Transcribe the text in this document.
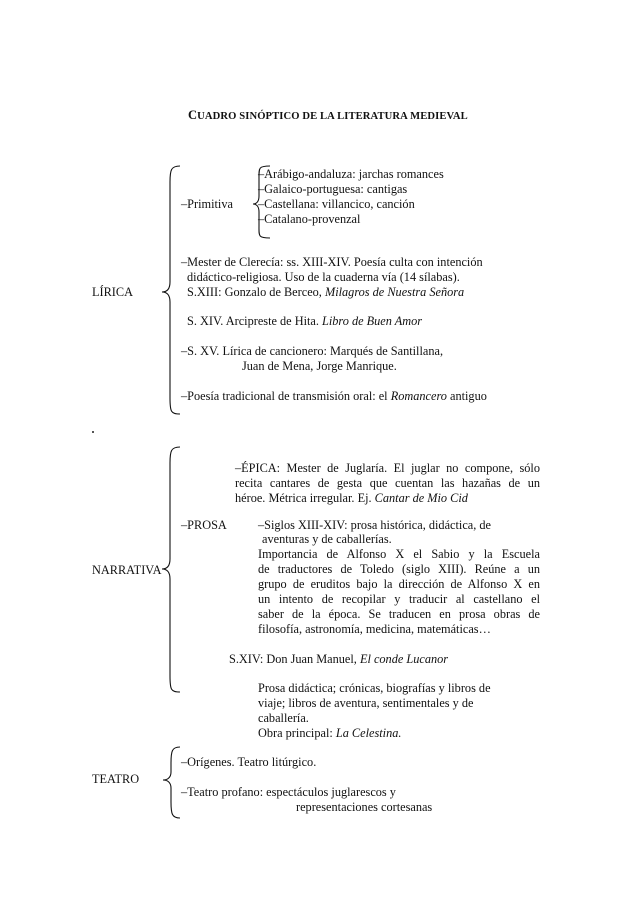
CUADRO SINÓPTICO DE LA LITERATURA MEDIEVAL

LÍRICA

–Primitiva

–Arábigo-andaluza: jarchas romances

–Galaico-portuguesa: cantigas

–Castellana: villancico, canción

–Catalano-provenzal

–Mester de Clerecía: ss. XIII-XIV. Poesía culta con intención

didáctico-religiosa. Uso de la cuaderna vía (14 sílabas).

S.XIII: Gonzalo de Berceo, Milagros de Nuestra Señora

S. XIV. Arcipreste de Hita. Libro de Buen Amor

–S. XV. Lírica de cancionero: Marqués de Santillana,

Juan de Mena, Jorge Manrique.

–Poesía tradicional de transmisión oral: el Romancero antiguo

NARRATIVA

–ÉPICA: Mester de Juglaría. El juglar no compone, sólo

recita cantares de gesta que cuentan las hazañas de un

héroe. Métrica irregular. Ej. Cantar de Mio Cid

–PROSA	–Siglos XIII-XIV: prosa histórica, didáctica, de

aventuras y de caballerías.

Importancia de Alfonso X el Sabio y la Escuela

de traductores de Toledo (siglo XIII). Reúne a un

grupo de eruditos bajo la dirección de Alfonso X en

un intento de recopilar y traducir al castellano el

saber de la época. Se traducen en prosa obras de

filosofía, astronomía, medicina, matemáticas…

S.XIV: Don Juan Manuel, El conde Lucanor

Prosa didáctica; crónicas, biografías y libros de

viaje; libros de aventura, sentimentales y de

caballería.

Obra principal: La Celestina.

TEATRO

–Orígenes. Teatro litúrgico.

–Teatro profano: espectáculos juglarescos y

representaciones cortesanas
